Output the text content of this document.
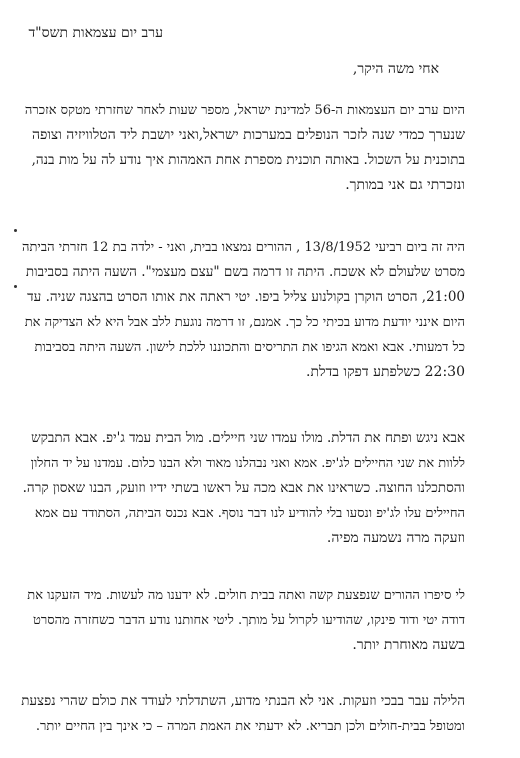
ערב יום עצמאות תשס"ד
אחי משה היקר,
היום ערב יום העצמאות ה-56 למדינת ישראל, מספר שעות לאחר שחזרתי מטקס אזכרה
שנערך כמדי שנה לזכר הנופלים במערכות ישראל,ואני יושבת ליד הטלוויזיה וצופה
בתוכנית על השכול. באותה תוכנית מספרת אחת האמהות איך נודע לה על מות בנה,
ונזכרתי גם אני במותך.
היה זה ביום רביעי 13/8/1952 , ההורים נמצאו בבית, ואני - ילדה בת 12 חזרתי הביתה
מסרט שלעולם לא אשכח. היתה זו דרמה בשם "עצם מעצמי". השעה היתה בסביבות
21:00, הסרט הוקרן בקולנוע צליל ביפו. יטי ראתה את אותו הסרט בהצגה שניה. עד
היום אינני יודעת מדוע בכיתי כל כך. אמנם, זו דרמה נוגעת ללב אבל היא לא הצדיקה את
כל דמעותי. אבא ואמא הגיפו את התריסים והתכוננו ללכת לישון. השעה היתה בסביבות
22:30 כשלפתע דפקו בדלת.
אבא ניגש ופתח את הדלת. מולו עמדו שני חיילים. מול הבית עמד ג'יפ. אבא התבקש
ללוות את שני החיילים לג'יפ. אמא ואני נבהלנו מאוד ולא הבנו כלום. עמדנו על יד החלון
והסתכלנו החוצה. כשראינו את אבא מכה על ראשו בשתי ידיו וזועק, הבנו שאסון קרה.
החיילים עלו לג'יפ ונסעו בלי להודיע לנו דבר נוסף. אבא נכנס הביתה, הסתודד עם אמא
וזעקה מרה נשמעה מפיה.
לי סיפרו ההורים שנפצעת קשה ואתה בבית חולים. לא ידענו מה לעשות. מיד הזעקנו את
דודה יטי ודוד פינקו, שהודיעו לקרול על מותך. ליטי אחותנו נודע הדבר כשחזרה מהסרט
בשעה מאוחרת יותר.
הלילה עבר בבכי וזעקות. אני לא הבנתי מדוע, השתדלתי לעודד את כולם שהרי נפצעת
ומטופל בבית-חולים ולכן תבריא. לא ידעתי את האמת המרה – כי אינך בין החיים יותר.
